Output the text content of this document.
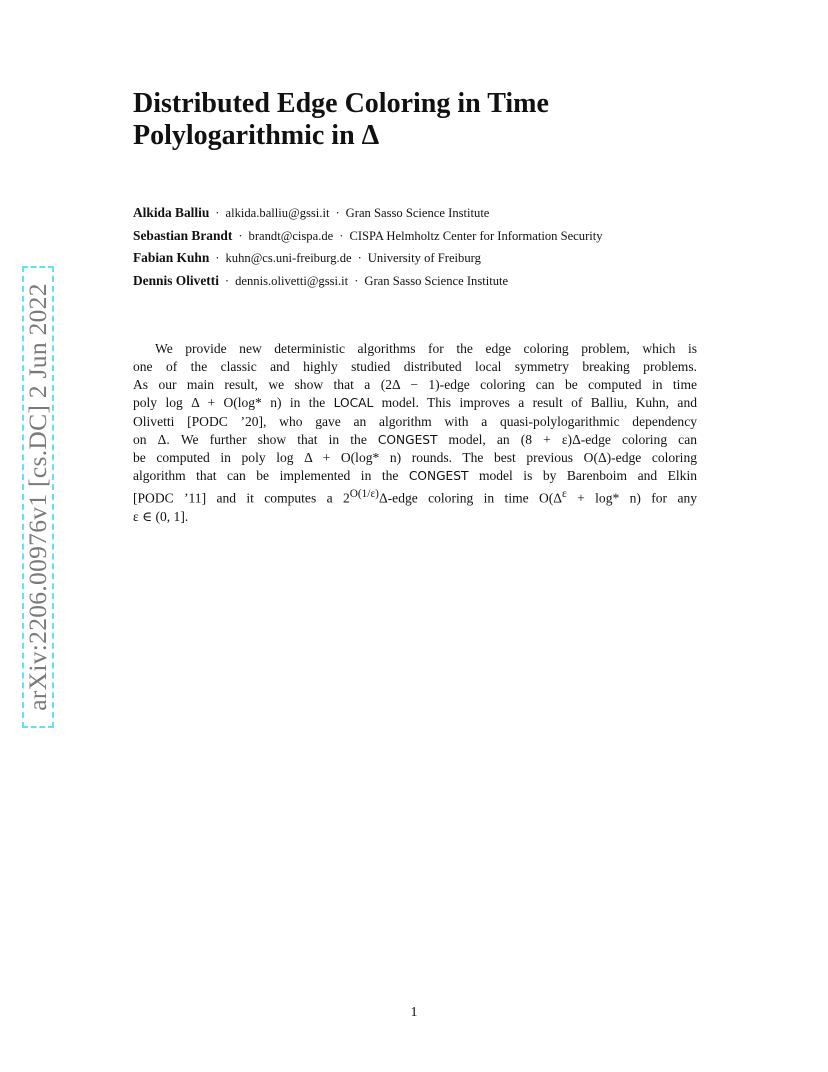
arXiv:2206.00976v1 [cs.DC] 2 Jun 2022
Distributed Edge Coloring in Time
Polylogarithmic in Δ
Alkida Balliu · alkida.balliu@gssi.it · Gran Sasso Science Institute
Sebastian Brandt · brandt@cispa.de · CISPA Helmholtz Center for Information Security
Fabian Kuhn · kuhn@cs.uni-freiburg.de · University of Freiburg
Dennis Olivetti · dennis.olivetti@gssi.it · Gran Sasso Science Institute
We provide new deterministic algorithms for the edge coloring problem, which is
one of the classic and highly studied distributed local symmetry breaking problems.
As our main result, we show that a (2Δ − 1)-edge coloring can be computed in time
poly log Δ + O(log* n) in the LOCAL model. This improves a result of Balliu, Kuhn, and
Olivetti [PODC ’20], who gave an algorithm with a quasi-polylogarithmic dependency
on Δ. We further show that in the CONGEST model, an (8 + ε)Δ-edge coloring can
be computed in poly log Δ + O(log* n) rounds. The best previous O(Δ)-edge coloring
algorithm that can be implemented in the CONGEST model is by Barenboim and Elkin
[PODC ’11] and it computes a $2^{O(1/\varepsilon)}\Delta$-edge coloring in time $O(\Delta^\varepsilon + \log*$ n) for any
ε ∈ (0, 1].
1
